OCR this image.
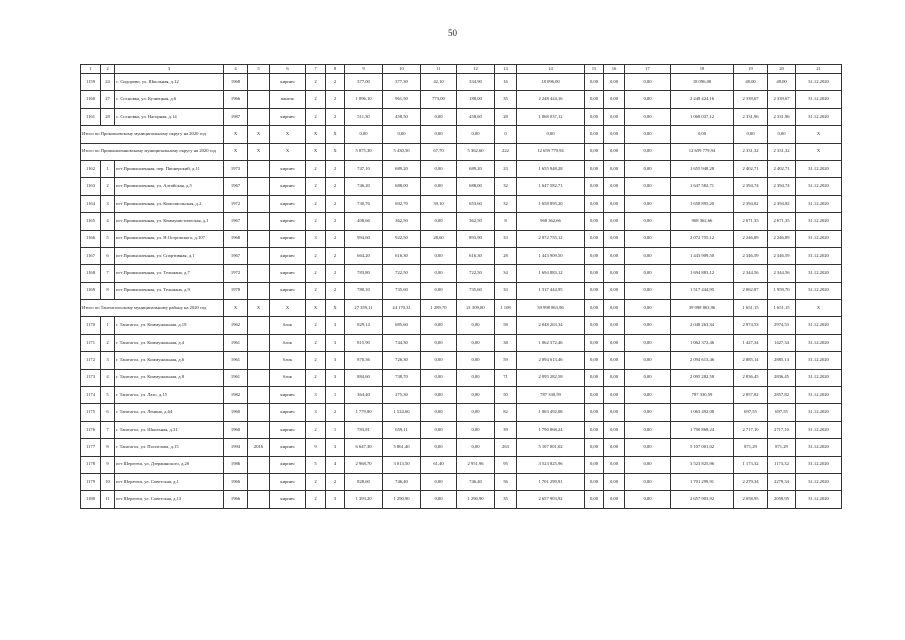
50
1	2	3	4	5	6	7	8	9	10	11	12	13	14	15	16	17	18	19	20	21
1159	24	с. Сидорово, ул. Школьная, д.12	1968		кирпич	2	2	377,00	377,30	42,10	334,90	16	18 096,00	0,00	0,00	0,00	18 096,00	48,00	48,00	31.12.2020
1160	27	с. Сосновка, ул. Кузнецкая, д.6	1966		панель	2	2	1 096,10	961,50	773,00	188,00	35	2 248 424,16	0,00	0,00	0,00	2 248 424,16	2 339,67	2 339,67	31.12.2020
1161	28	с. Сосновка, ул. Нагорная, д.14	1987		кирпич	2	2	511,30	458,50	0,00	458,60	28	1 068 037,12	0,00	0,00	0,00	1 068 037,12	2 331,96	2 331,96	31.12.2020
Итого по Прокопьевскому муниципальному округу на 2020 год			X	X	X	X	X	0,00	0,00	0,00	0,00	0	0,00	0,00	0,00	0,00	0,00	0,00	0,00	X
Итого по Промышленновскому муниципальному округу на 2020 год			X	X	X	X	X	5 875,30	5 430,50	67,70	5 362,60	222	12 659 779,94	0,00	0,00	0,00	12 659 779,94	2 331,32	2 331,32	X
1162	1	пгт Промышленная, пер. Пионерский, д.11	1973		кирпич	2	2	747,10	689,20	0,00	689,20	23	1 655 948,28	0,00	0,00	0,00	1 655 948,28	2 402,71	2 402,71	31.12.2020
1163	2	пгт Промышленная, ул. Алтайская, д.5	1967		кирпич	2	2	746,20	688,00	0,00	688,00	32	1 647 582,71	0,00	0,00	0,00	1 647 582,71	2 394,74	2 394,74	31.12.2020
1164	3	пгт Промышленная, ул. Комсомольская, д.2	1972		кирпич	2	2	730,76	692,70	39,10	653,60	32	1 658 895,20	0,00	0,00	0,00	1 658 895,20	2 394,82	2 394,82	31.12.2020
1165	4	пгт Промышленная, ул. Коммунистическая, д.1	1967		кирпич	2	2	408,66	362,50	0,00	362,50	8	968 362,66	0,00	0,00	0,00	968 362,66	2 671,35	2 671,35	31.12.2020
1166	5	пгт Промышленная, ул. Н.Островского, д.107	1968		кирпич	3	2	994,60	922,50	28,60	893,90	33	2 072 755,12	0,00	0,00	0,00	2 072 755,12	2 246,89	2 246,89	31.12.2020
1167	6	пгт Промышленная, ул. Спортивная, д.1	1967		кирпич	2	2	664,20	616,30	0,00	616,30	28	1 443 909,50	0,00	0,00	0,00	1 443 909,50	2 346,59	2 346,59	31.12.2020
1168	7	пгт Промышленная, ул. Тельмана, д.7	1972		кирпич	2	2	783,80	722,50	0,00	722,50	34	1 694 883,12	0,00	0,00	0,00	1 694 883,12	2 344,56	2 344,56	31.12.2020
1169	8	пгт Промышленная, ул. Тельмана, д.9	1978		кирпич	2	2	780,10	735,60	0,00	735,60	33	1 517 444,95	0,00	0,00	0,00	1 517 444,95	2 062,87	1 959,70	31.12.2020
Итого по Таштагольскому муниципальному району на 2020 год			X	X	X	X	X	27 359,11	24 170,31	1 289,70	21 309,80	1 108	39 998 863,96	0,00	0,00	0,00	39 998 863,96	1 651,15	1 651,15	X
1170	1	г. Таштагол, ул. Коммунальная, д.19	1962		блок	2	3	829,14	685,60	0,00	0,00	58	2 048 263,34	0,00	0,00	0,00	2 048 263,34	2 974,53	2974,53	31.12.2020
1171	2	г. Таштагол, ул. Коммунальная, д.4	1961		блок	2	3	815,90	744,30	0,00	0,00	38	1 062 372,46	0,00	0,00	0,00	1 062 372,46	1 427,34	1427,34	31.12.2020
1172	3	г. Таштагол, ул. Коммунальная, д.6	1961		блок	2	3	870,36	726,30	0,00	0,00	59	2 094 613,46	0,00	0,00	0,00	2 094 613,46	2 885,14	2885,14	31.12.2020
1173	4	г. Таштагол, ул. Коммунальная, д.8	1961		блок	2	3	884,60	738,70	0,00	0,00	71	2 095 282,58	0,00	0,00	0,00	2 095 282,58	2 836,45	2836,45	31.12.2020
1174	5	г. Таштагол, ул. Лазо, д.15	1982		кирпич	3	1	364,40	275,30	0,00	0,00	50	787 330,59	0,00	0,00	0,00	787 330,59	2 857,82	2857,82	31.12.2020
1175	6	г. Таштагол, ул. Ленина, д.64	1960		кирпич	3	2	1 779,80	1 524,60	0,00	0,00	82	1 063 492,08	0,00	0,00	0,00	1 063 492,08	697,55	697,55	31.12.2020
1176	7	г. Таштагол, ул. Школьная, д.31	1960		кирпич	2	1	783,81	659,11	0,00	0,00	39	1 790 868,24	0,00	0,00	0,00	1 790 868,24	2 717,10	2717,10	31.12.2020
1177	8	г. Таштагол, ул. Поспелова, д.15	1994	2016	кирпич	9	3	6 647,30	5 861,40	0,00	0,00	263	5 107 001,02	0,00	0,00	0,00	5 107 001,02	871,29	871,29	31.12.2020
1178	9	пгт Шерегеш, ул. Дзержинского, д.20	1986		кирпич	5	4	2 968,70	3 013,50	61,40	2 951,96	95	3 523 825,96	0,00	0,00	0,00	3 523 825,96	1 173,32	1173,32	31.12.2020
1179	10	пгт Шерегеш, ул. Советская, д.1	1966		кирпич	2	2	828,60	746,40	0,00	746,40	56	1 701 299,91	0,00	0,00	0,00	1 701 299,91	2 279,34	2279,34	31.12.2020
1180	11	пгт Шерегеш, ул. Советская, д.13	1966		кирпич	2	3	1 393,20	1 290,90	0,00	1 290,90	35	2 657 903,92	0,00	0,00	0,00	2 657 903,92	2 058,95	2058,95	31.12.2020
